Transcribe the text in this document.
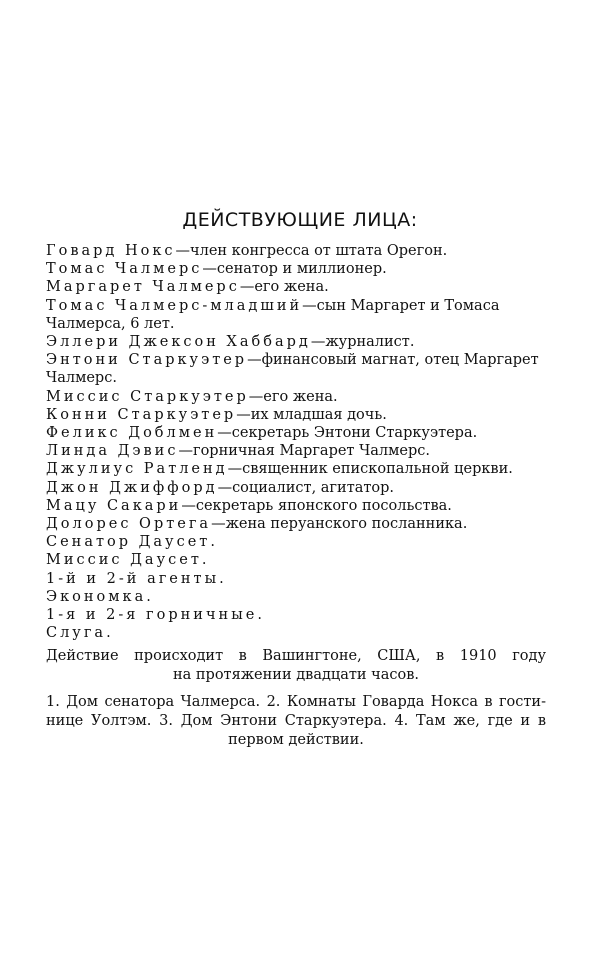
ДЕЙСТВУЮЩИЕ ЛИЦА:
Говард Нокс—член конгресса от штата Орегон.
Томас Чалмерс—сенатор и миллионер.
Маргарет Чалмерс—его жена.
Томас Чалмерс-младший—сын Маргарет и Томаса Чалмерса, 6 лет.
Эллери Джексон Хаббард—журналист.
Энтони Старкуэтер—финансовый магнат, отец Маргарет Чалмерс.
Миссис Старкуэтер—его жена.
Конни Старкуэтер—их младшая дочь.
Феликс Доблмен—секретарь Энтони Старкуэтера.
Линда Дэвис—горничная Маргарет Чалмерс.
Джулиус Ратленд—священник епископальной церкви.
Джон Джиффорд—социалист, агитатор.
Мацу Сакари—секретарь японского посольства.
Долорес Ортега—жена перуанского посланника.
Сенатор Даусет.
Миссис Даусет.
1-й и 2-й агенты.
Экономка.
1-я и 2-я горничные.
Слуга.
Действие происходит в Вашингтоне, США, в 1910 году
на протяжении двадцати часов.
1. Дом сенатора Чалмерса. 2. Комнаты Говарда Нокса в гости-
нице Уолтэм. 3. Дом Энтони Старкуэтера. 4. Там же, где и в
первом действии.
